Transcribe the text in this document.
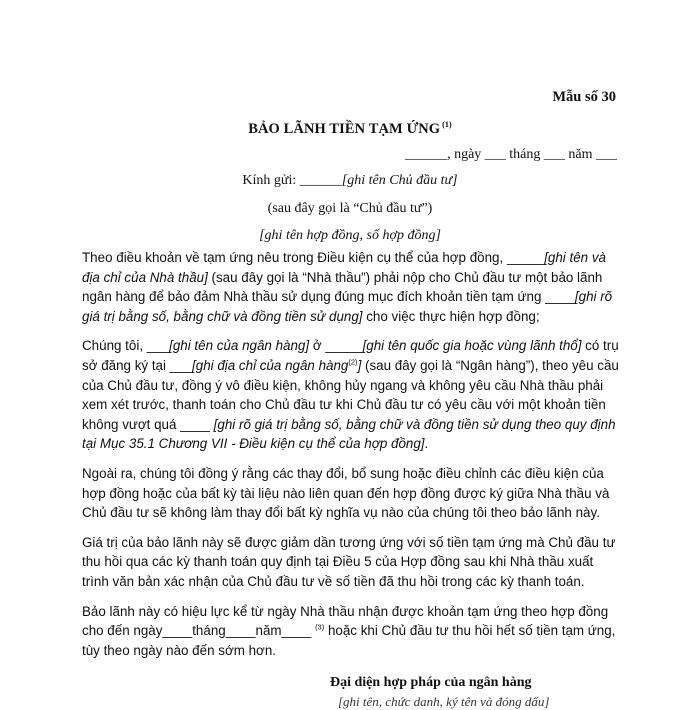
Mẫu số 30
BẢO LÃNH TIỀN TẠM ỨNG $^{(1)}$
______, ngày ___ tháng ___ năm ___
Kính gửi: ______[ghi tên Chủ đầu tư]
(sau đây gọi là “Chủ đầu tư”)
[ghi tên hợp đồng, số hợp đồng]

Theo điều khoản về tạm ứng nêu trong Điều kiện cụ thể của hợp đồng, _____[ghi tên và địa chỉ của Nhà thầu] (sau đây gọi là “Nhà thầu”) phải nộp cho Chủ đầu tư một bảo lãnh ngân hàng để bảo đảm Nhà thầu sử dụng đúng mục đích khoản tiền tạm ứng ____[ghi rõ giá trị bằng số, bằng chữ và đồng tiền sử dụng] cho việc thực hiện hợp đồng;

Chúng tôi, ___[ghi tên của ngân hàng] ở _____[ghi tên quốc gia hoặc vùng lãnh thổ] có trụ sở đăng ký tại ___[ghi địa chỉ của ngân hàng$^{(2)}$] (sau đây gọi là “Ngân hàng”), theo yêu cầu của Chủ đầu tư, đồng ý vô điều kiện, không hủy ngang và không yêu cầu Nhà thầu phải xem xét trước, thanh toán cho Chủ đầu tư khi Chủ đầu tư có yêu cầu với một khoản tiền không vượt quá ____ [ghi rõ giá trị bằng số, bằng chữ và đồng tiền sử dụng theo quy định tại Mục 35.1 Chương VII - Điều kiện cụ thể của hợp đồng].

Ngoài ra, chúng tôi đồng ý rằng các thay đổi, bổ sung hoặc điều chỉnh các điều kiện của hợp đồng hoặc của bất kỳ tài liệu nào liên quan đến hợp đồng được ký giữa Nhà thầu và Chủ đầu tư sẽ không làm thay đổi bất kỳ nghĩa vụ nào của chúng tôi theo bảo lãnh này.

Giá trị của bảo lãnh này sẽ được giảm dần tương ứng với số tiền tạm ứng mà Chủ đầu tư thu hồi qua các kỳ thanh toán quy định tại Điều 5 của Hợp đồng sau khi Nhà thầu xuất trình văn bản xác nhận của Chủ đầu tư về số tiền đã thu hồi trong các kỳ thanh toán.

Bảo lãnh này có hiệu lực kể từ ngày Nhà thầu nhận được khoản tạm ứng theo hợp đồng cho đến ngày____tháng____năm____ $^{(3)}$ hoặc khi Chủ đầu tư thu hồi hết số tiền tạm ứng, tùy theo ngày nào đến sớm hơn.

Đại diện hợp pháp của ngân hàng
[ghi tên, chức danh, ký tên và đóng dấu]
